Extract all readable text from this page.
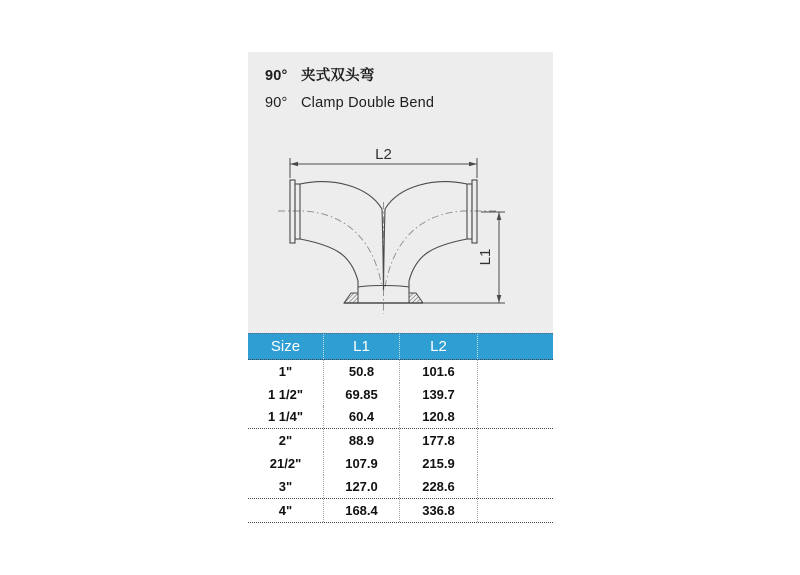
90° 夹式双头弯
90° Clamp Double Bend
L2
L1
Size	L1	L2
1"	50.8	101.6
1 1/2"	69.85	139.7
1 1/4"	60.4	120.8
2"	88.9	177.8
21/2"	107.9	215.9
3"	127.0	228.6
4"	168.4	336.8
